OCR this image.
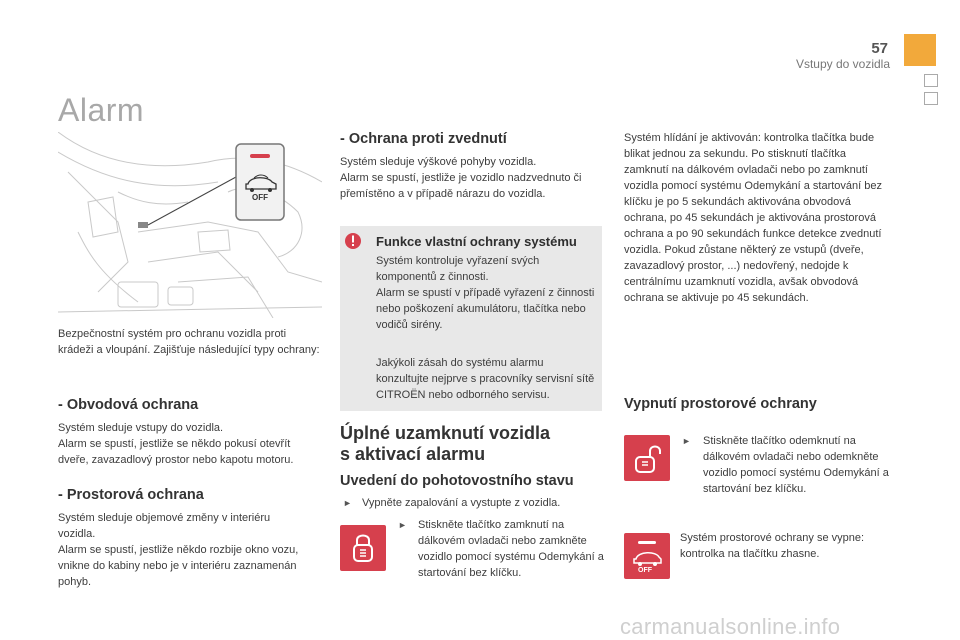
57
Vstupy do vozidla
Alarm
OFF
Bezpečnostní systém pro ochranu vozidla proti krádeži a vloupání. Zajišťuje následující typy ochrany:
- Obvodová ochrana
Systém sleduje vstupy do vozidla.
Alarm se spustí, jestliže se někdo pokusí otevřít dveře, zavazadlový prostor nebo kapotu motoru.
- Prostorová ochrana
Systém sleduje objemové změny v interiéru vozidla.
Alarm se spustí, jestliže někdo rozbije okno vozu, vnikne do kabiny nebo je v interiéru zaznamenán pohyb.
- Ochrana proti zvednutí
Systém sleduje výškové pohyby vozidla.
Alarm se spustí, jestliže je vozidlo nadzvednuto či přemístěno a v případě nárazu do vozidla.
Funkce vlastní ochrany systému
Systém kontroluje vyřazení svých komponentů z činnosti.
Alarm se spustí v případě vyřazení z činnosti nebo poškození akumulátoru, tlačítka nebo vodičů sirény.
Jakýkoli zásah do systému alarmu konzultujte nejprve s pracovníky servisní sítě CITROËN nebo odborného servisu.
Úplné uzamknutí vozidla
s aktivací alarmu
Uvedení do pohotovostního stavu
► Vypněte zapalování a vystupte z vozidla.
► Stiskněte tlačítko zamknutí na dálkovém ovladači nebo zamkněte vozidlo pomocí systému Odemykání a startování bez klíčku.
Systém hlídání je aktivován: kontrolka tlačítka bude blikat jednou za sekundu. Po stisknutí tlačítka zamknutí na dálkovém ovladači nebo po zamknutí vozidla pomocí systému Odemykání a startování bez klíčku je po 5 sekundách aktivována obvodová ochrana, po 45 sekundách je aktivována prostorová ochrana a po 90 sekundách funkce detekce zvednutí vozidla. Pokud zůstane některý ze vstupů (dveře, zavazadlový prostor, ...) nedovřený, nedojde k centrálnímu uzamknutí vozidla, avšak obvodová ochrana se aktivuje po 45 sekundách.
Vypnutí prostorové ochrany
► Stiskněte tlačítko odemknutí na dálkovém ovladači nebo odemkněte vozidlo pomocí systému Odemykání a startování bez klíčku.
OFF
Systém prostorové ochrany se vypne: kontrolka na tlačítku zhasne.
carmanualsonline.info
